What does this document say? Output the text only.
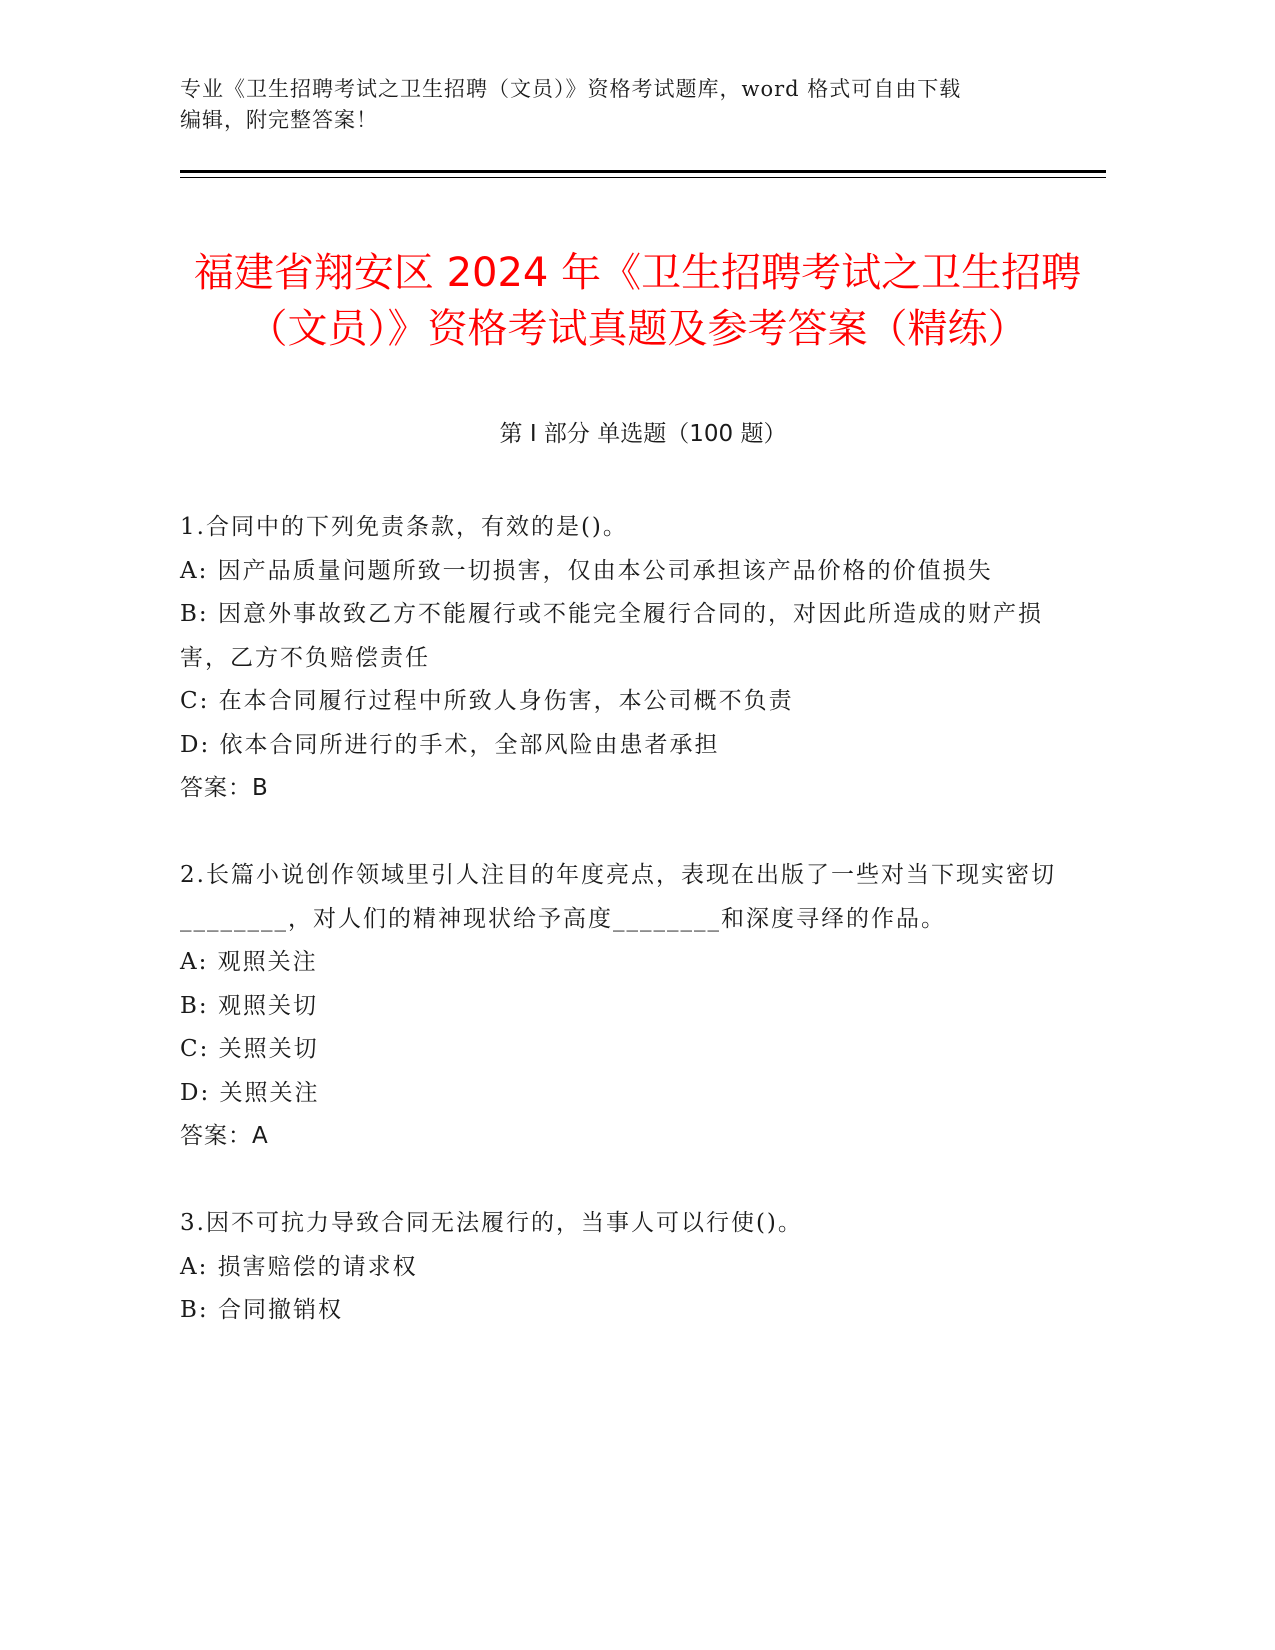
专业《卫生招聘考试之卫生招聘（文员）》资格考试题库，word 格式可自由下载
编辑，附完整答案！
福建省翔安区 2024 年《卫生招聘考试之卫生招聘（文员）》资格考试真题及参考答案（精练）
第 I 部分 单选题（100 题）

1.合同中的下列免责条款，有效的是()。

A: 因产品质量问题所致一切损害，仅由本公司承担该产品价格的价值损失

B: 因意外事故致乙方不能履行或不能完全履行合同的，对因此所造成的财产损害，乙方不负赔偿责任

C: 在本合同履行过程中所致人身伤害，本公司概不负责

D: 依本合同所进行的手术，全部风险由患者承担

答案：B

2.长篇小说创作领域里引人注目的年度亮点，表现在出版了一些对当下现实密切________，对人们的精神现状给予高度________和深度寻绎的作品。

A: 观照关注

B: 观照关切

C: 关照关切

D: 关照关注

答案：A

3.因不可抗力导致合同无法履行的，当事人可以行使()。

A: 损害赔偿的请求权

B: 合同撤销权
